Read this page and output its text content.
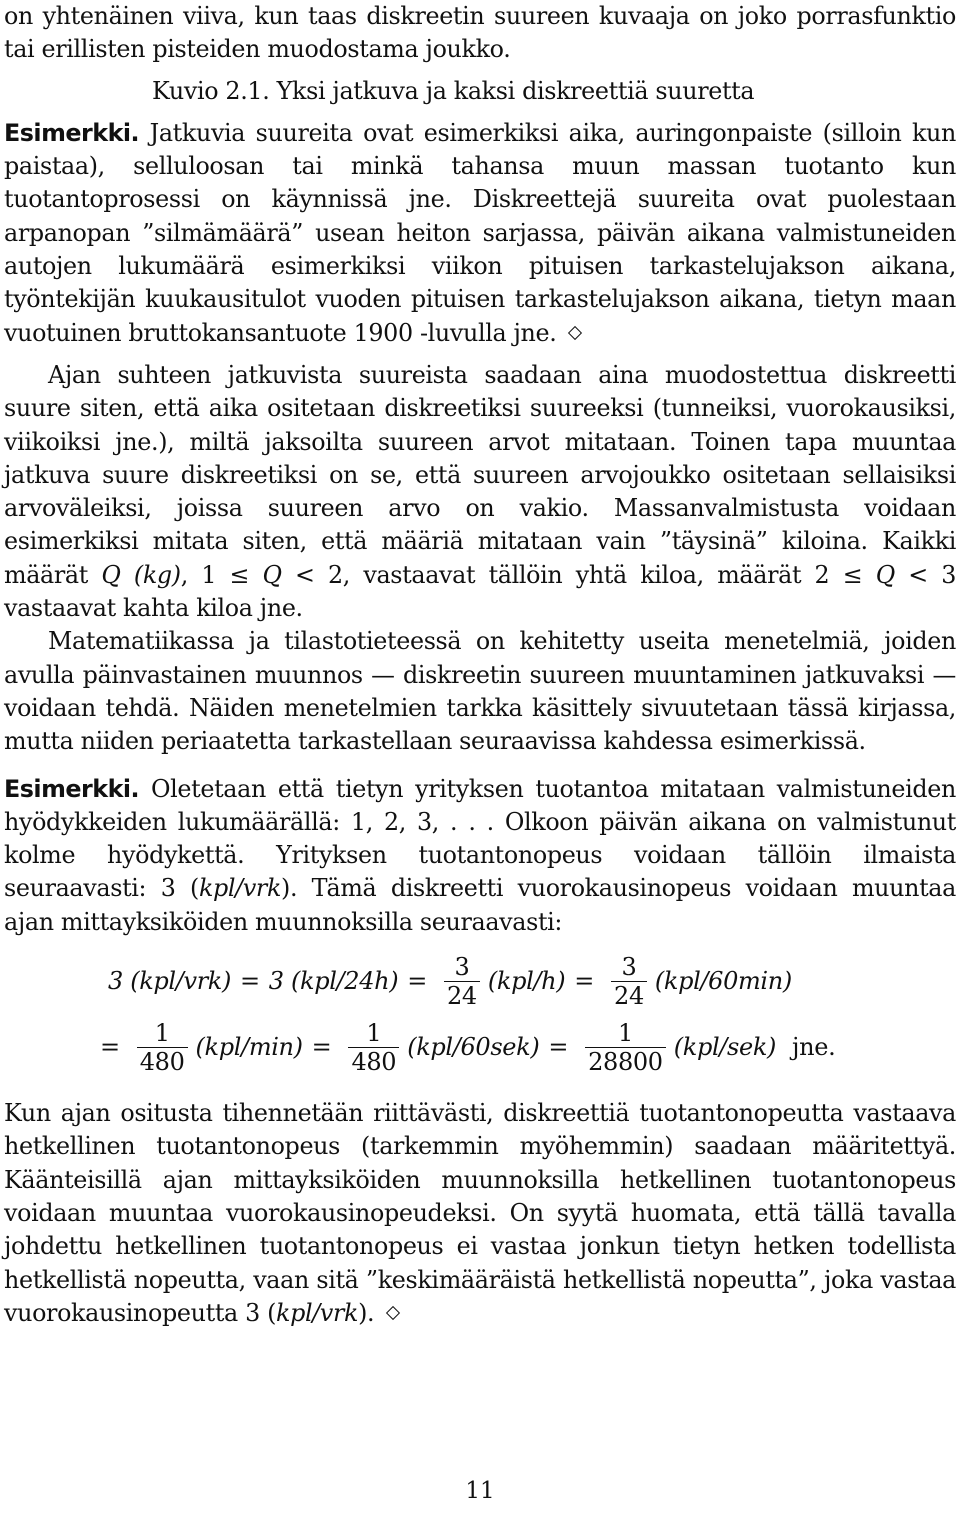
on yhtenäinen viiva, kun taas diskreetin suureen kuvaaja on joko porrasfunktio tai erillisten pisteiden muodostama joukko.

Kuvio 2.1. Yksi jatkuva ja kaksi diskreettiä suuretta

Esimerkki. Jatkuvia suureita ovat esimerkiksi aika, auringonpaiste (silloin kun paistaa), selluloosan tai minkä tahansa muun massan tuotanto kun tuotantoprosessi on käynnissä jne. Diskreettejä suureita ovat puolestaan arpanopan ”silmämäärä” usean heiton sarjassa, päivän aikana valmistuneiden autojen lukumäärä esimerkiksi viikon pituisen tarkastelujakson aikana, työntekijän kuukausitulot vuoden pituisen tarkastelujakson aikana, tietyn maan vuotuinen bruttokansantuote 1900 -luvulla jne.

Ajan suhteen jatkuvista suureista saadaan aina muodostettua diskreetti suure siten, että aika ositetaan diskreetiksi suureeksi (tunneiksi, vuorokausiksi, viikoiksi jne.), miltä jaksoilta suureen arvot mitataan. Toinen tapa muuntaa jatkuva suure diskreetiksi on se, että suureen arvojoukko ositetaan sellaisiksi arvoväleiksi, joissa suureen arvo on vakio. Massanvalmistusta voidaan esimerkiksi mitata siten, että määriä mitataan vain ”täysinä” kiloina. Kaikki määrät Q (kg), 1 ≤ Q < 2, vastaavat tällöin yhtä kiloa, määrät 2 ≤ Q < 3 vastaavat kahta kiloa jne.

Matematiikassa ja tilastotieteessä on kehitetty useita menetelmiä, joiden avulla päinvastainen muunnos — diskreetin suureen muuntaminen jatkuvaksi — voidaan tehdä. Näiden menetelmien tarkka käsittely sivuutetaan tässä kirjassa, mutta niiden periaatetta tarkastellaan seuraavissa kahdessa esimerkissä.

Esimerkki. Oletetaan että tietyn yrityksen tuotantoa mitataan valmistuneiden hyödykkeiden lukumäärällä: 1, 2, 3, . . . Olkoon päivän aikana on valmistunut kolme hyödykettä. Yrityksen tuotantonopeus voidaan tällöin ilmaista seuraavasti: 3 (kpl/vrk). Tämä diskreetti vuorokausinopeus voidaan muuntaa ajan mittayksiköiden muunnoksilla seuraavasti:

3 (kpl/vrk) = 3 $(kpl/24h) = \frac{3}{24} (kpl/h) = \frac{3}{24} (kpl/60\min)$
= $\frac{1}{480} (kpl/\min) = \frac{1}{480} (kpl/60sek) = \frac{1}{28800} (kpl/sek)$ jne.

Kun ajan ositusta tihennetään riittävästi, diskreettiä tuotantonopeutta vastaava hetkellinen tuotantonopeus (tarkemmin myöhemmin) saadaan määritettyä. Käänteisillä ajan mittayksiköiden muunnoksilla hetkellinen tuotantonopeus voidaan muuntaa vuorokausinopeudeksi. On syytä huomata, että tällä tavalla johdettu hetkellinen tuotantonopeus ei vastaa jonkun tietyn hetken todellista hetkellistä nopeutta, vaan sitä ”keskimääräistä hetkellistä nopeutta”, joka vastaa vuorokausinopeutta 3 (kpl/vrk).

11
